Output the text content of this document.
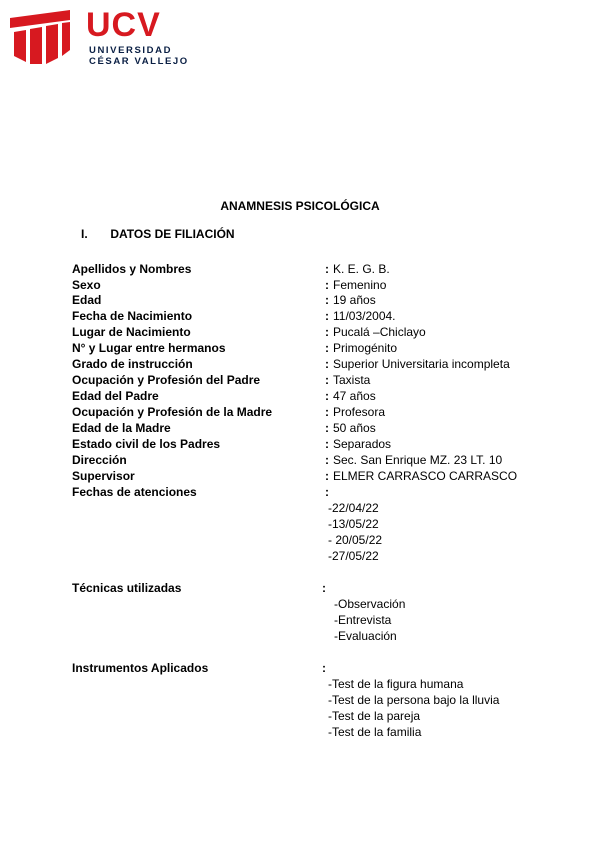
UCV
UNIVERSIDAD
CÉSAR VALLEJO
ANAMNESIS PSICOLÓGICA
I. DATOS DE FILIACIÓN
Apellidos y Nombres	: K. E. G. B.
Sexo	: Femenino
Edad	: 19 años
Fecha de Nacimiento	: 11/03/2004.
Lugar de Nacimiento	: Pucalá –Chiclayo
N° y Lugar entre hermanos	: Primogénito
Grado de instrucción	: Superior Universitaria incompleta
Ocupación y Profesión del Padre	: Taxista
Edad del Padre	: 47 años
Ocupación y Profesión de la Madre	: Profesora
Edad de la Madre	: 50 años
Estado civil de los Padres	: Separados
Dirección	: Sec. San Enrique MZ. 23 LT. 10
Supervisor	: ELMER CARRASCO CARRASCO
Fechas de atenciones	:
-22/04/22
-13/05/22
- 20/05/22
-27/05/22
Técnicas utilizadas	:
-Observación
-Entrevista
-Evaluación
Instrumentos Aplicados	:
-Test de la figura humana
-Test de la persona bajo la lluvia
-Test de la pareja
-Test de la familia
